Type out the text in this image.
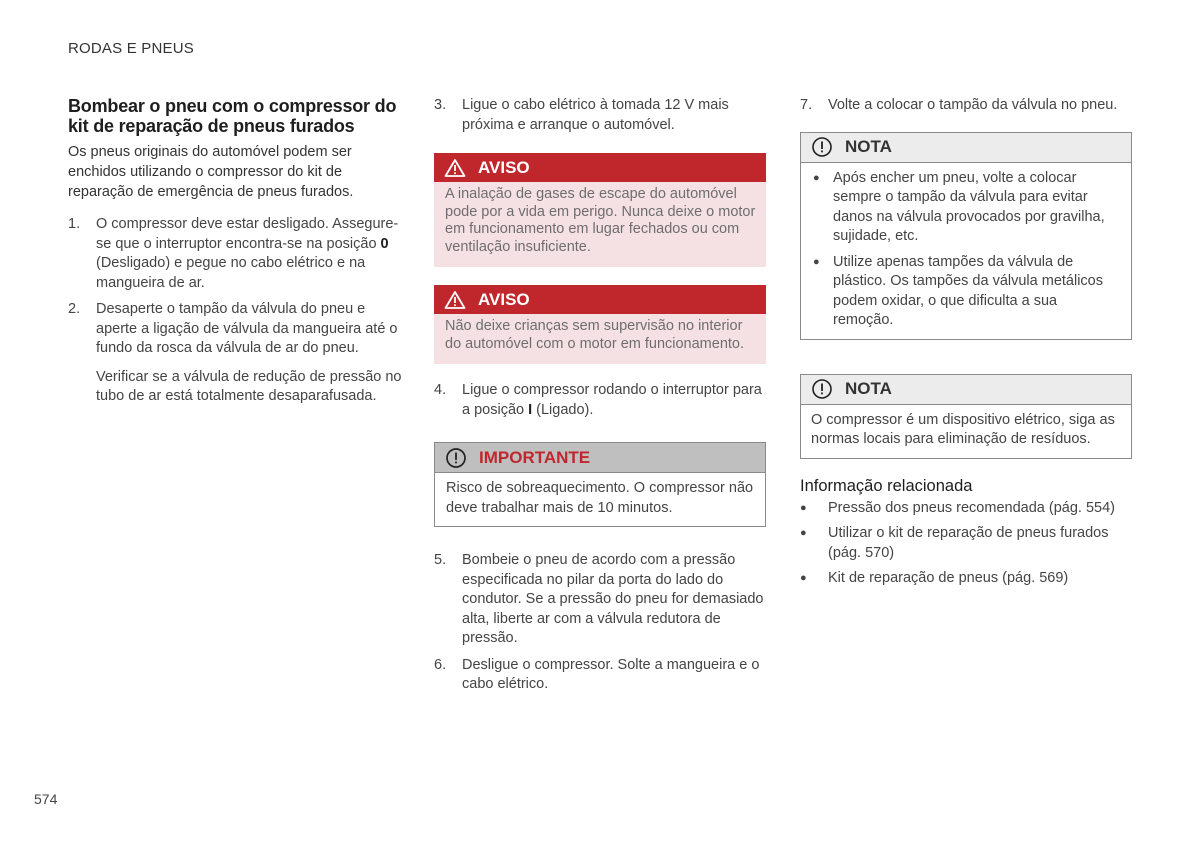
RODAS E PNEUS
Bombear o pneu com o compressor do kit de reparação de pneus furados

Os pneus originais do automóvel podem ser enchidos utilizando o compressor do kit de reparação de emergência de pneus furados.

1.	O compressor deve estar desligado. Assegure-se que o interruptor encontra-se na posição 0 (Desligado) e pegue no cabo elétrico e na mangueira de ar.

2.	Desaperte o tampão da válvula do pneu e aperte a ligação de válvula da mangueira até o fundo da rosca da válvula de ar do pneu.

Verificar se a válvula de redução de pressão no tubo de ar está totalmente desaparafusada.

3.	Ligue o cabo elétrico à tomada 12 V mais próxima e arranque o automóvel.

AVISO
A inalação de gases de escape do automóvel pode por a vida em perigo. Nunca deixe o motor em funcionamento em lugar fechados ou com ventilação insuficiente.
AVISO
Não deixe crianças sem supervisão no interior do automóvel com o motor em funcionamento.
4.	Ligue o compressor rodando o interruptor para a posição I (Ligado).

IMPORTANTE
Risco de sobreaquecimento. O compressor não deve trabalhar mais de 10 minutos.
5.	Bombeie o pneu de acordo com a pressão especificada no pilar da porta do lado do condutor. Se a pressão do pneu for demasiado alta, liberte ar com a válvula redutora de pressão.

6.	Desligue o compressor. Solte a mangueira e o cabo elétrico.

7.	Volte a colocar o tampão da válvula no pneu.

NOTA
● Após encher um pneu, volte a colocar sempre o tampão da válvula para evitar danos na válvula provocados por gravilha, sujidade, etc.
● Utilize apenas tampões da válvula de plástico. Os tampões da válvula metálicos podem oxidar, o que dificulta a sua remoção.
NOTA
O compressor é um dispositivo elétrico, siga as normas locais para eliminação de resíduos.
Informação relacionada
●	Pressão dos pneus recomendada (pág. 554)
●	Utilizar o kit de reparação de pneus furados (pág. 570)
●	Kit de reparação de pneus (pág. 569)
574
